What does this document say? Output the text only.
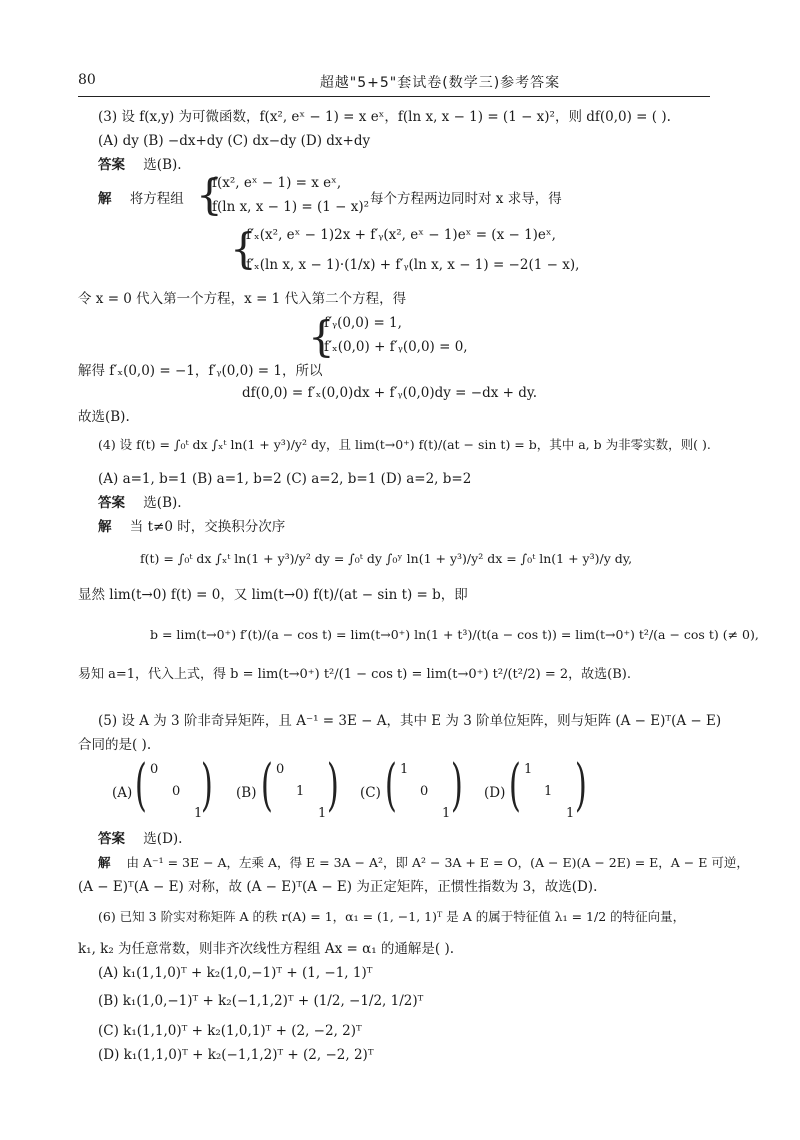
80	超越"5+5"套试卷(数学三)参考答案
(3) 设 f(x,y) 为可微函数，f(x², eˣ − 1) = x eˣ，f(ln x, x − 1) = (1 − x)²，则 df(0,0) = ( ).
(A) dy (B) −dx+dy (C) dx−dy (D) dx+dy
答案 选(B).
解 将方程组 {
f(x², eˣ − 1) = x eˣ,
f(ln x, x − 1) = (1 − x)² 每个方程两边同时对 x 求导，得
{
f′ₓ(x², eˣ − 1)2x + f′ᵧ(x², eˣ − 1)eˣ = (x − 1)eˣ,
f′ₓ(ln x, x − 1)·(1/x) + f′ᵧ(ln x, x − 1) = −2(1 − x),
令 x = 0 代入第一个方程，x = 1 代入第二个方程，得
{
f′ᵧ(0,0) = 1,
f′ₓ(0,0) + f′ᵧ(0,0) = 0,
解得 f′ₓ(0,0) = −1，f′ᵧ(0,0) = 1，所以
df(0,0) = f′ₓ(0,0)dx + f′ᵧ(0,0)dy = −dx + dy.
故选(B).
(4) 设 f(t) = ∫₀ᵗ dx ∫ₓᵗ ln(1 + y³)/y² dy，且 lim(t→0⁺) f(t)/(at − sin t) = b，其中 a, b 为非零实数，则( ).
(A) a=1, b=1 (B) a=1, b=2 (C) a=2, b=1 (D) a=2, b=2
答案 选(B).
解 当 t≠0 时，交换积分次序
f(t) = ∫₀ᵗ dx ∫ₓᵗ ln(1 + y³)/y² dy = ∫₀ᵗ dy ∫₀ʸ ln(1 + y³)/y² dx = ∫₀ᵗ ln(1 + y³)/y dy,
显然 lim(t→0) f(t) = 0，又 lim(t→0) f(t)/(at − sin t) = b，即
b = lim(t→0⁺) f′(t)/(a − cos t) = lim(t→0⁺) ln(1 + t³)/(t(a − cos t)) = lim(t→0⁺) t²/(a − cos t) (≠ 0),
易知 a=1，代入上式，得 b = lim(t→0⁺) t²/(1 − cos t) = lim(t→0⁺) t²/(t²/2) = 2，故选(B).
(5) 设 A 为 3 阶非奇异矩阵，且 A⁻¹ = 3E − A，其中 E 为 3 阶单位矩阵，则与矩阵 (A − E)ᵀ(A − E)
合同的是( ).
(A) ( 0
0
1
) (B) ( 0
1
1 ) (C) ( 1
0
1 ) (D) ( 1
1
1 )
答案 选(D).
解 由 A⁻¹ = 3E − A，左乘 A，得 E = 3A − A²，即 A² − 3A + E = O，(A − E)(A − 2E) = E，A − E 可逆，
(A − E)ᵀ(A − E) 对称，故 (A − E)ᵀ(A − E) 为正定矩阵，正惯性指数为 3，故选(D).
(6) 已知 3 阶实对称矩阵 A 的秩 r(A) = 1，α₁ = (1, −1, 1)ᵀ 是 A 的属于特征值 λ₁ = 1/2 的特征向量，
k₁, k₂ 为任意常数，则非齐次线性方程组 Ax = α₁ 的通解是( ).
(A) k₁(1,1,0)ᵀ + k₂(1,0,−1)ᵀ + (1, −1, 1)ᵀ
(B) k₁(1,0,−1)ᵀ + k₂(−1,1,2)ᵀ + (1/2, −1/2, 1/2)ᵀ
(C) k₁(1,1,0)ᵀ + k₂(1,0,1)ᵀ + (2, −2, 2)ᵀ
(D) k₁(1,1,0)ᵀ + k₂(−1,1,2)ᵀ + (2, −2, 2)ᵀ
